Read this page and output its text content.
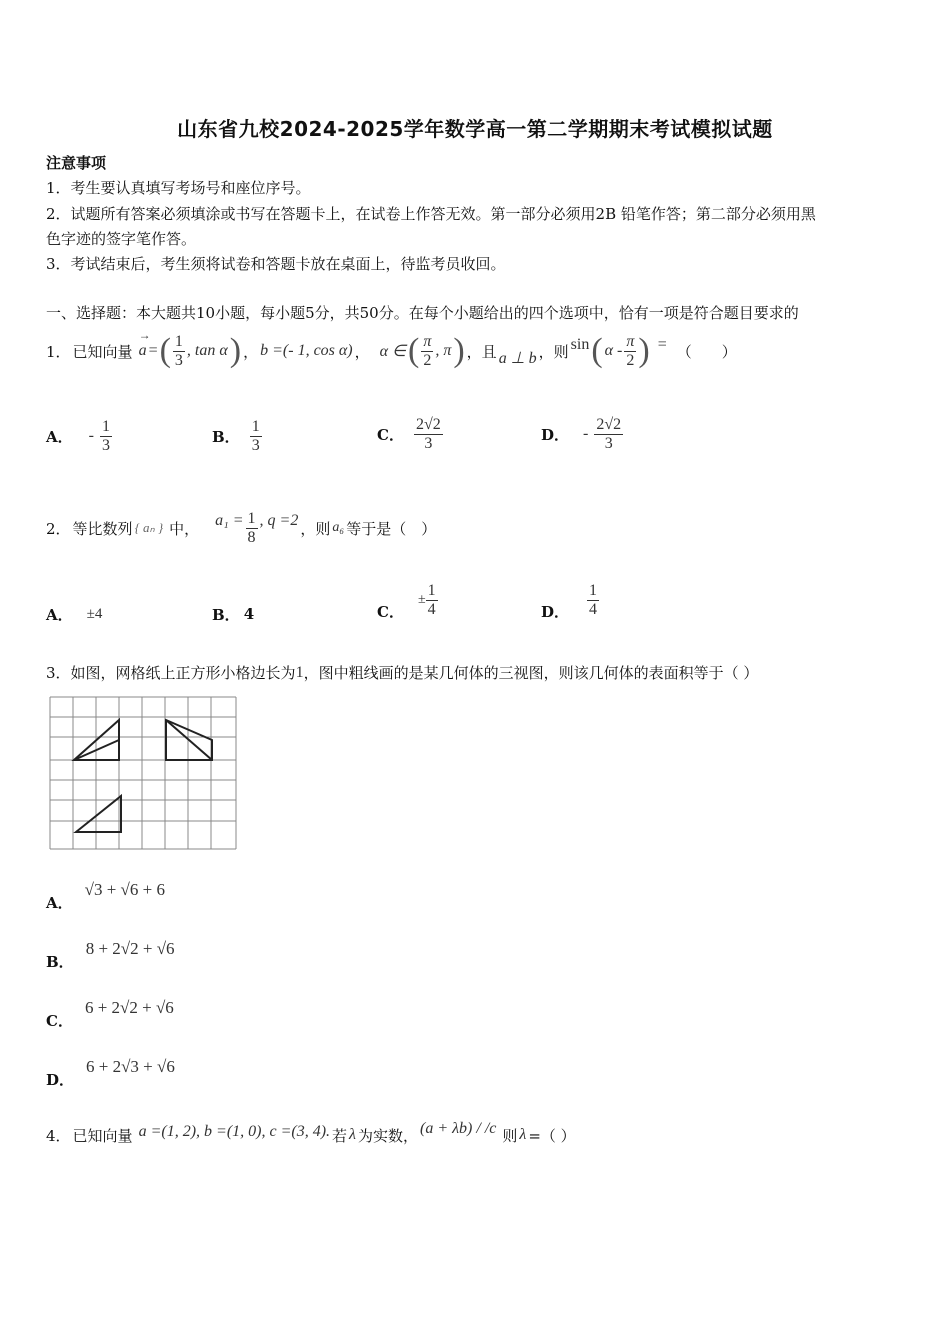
山东省九校2024-2025学年数学高一第二学期期末考试模拟试题
注意事项
1．考生要认真填写考场号和座位序号。
2．试题所有答案必须填涂或书写在答题卡上，在试卷上作答无效。第一部分必须用2B 铅笔作答；第二部分必须用黑
色字迹的签字笔作答。
3．考试结束后，考生须将试卷和答题卡放在桌面上，待监考员收回。
一、选择题：本大题共10小题，每小题5分，共50分。在每个小题给出的四个选项中，恰有一项是符合题目要求的
1． 已知向量
→
a = ( $\frac{1}{3}$ , tan α ) ， b =(- 1, cos α) ， α ∈ ( $\frac{\pi}{2}$ , π ) ，且 a ⊥ b ，则 sin ( α - $\frac{\pi}{2}$ ) = （　　）
A． - $\frac{1}{3}$	B． $\frac{1}{3}$	C． $\frac{2√2}{3}$	D． - $\frac{2√2}{3}$
2． 等比数列 { aₙ } 中， $a_1 = \frac{1}{8}$ , q =2 ，则 a₆ 等于是（　）
A． ±4	B． 4	C．
± $\frac{1}{4}$	D． $\frac{1}{4}$
3． 如图，网格纸上正方形小格边长为 1 ，图中粗线画的是某几何体的三视图，则该几何体的表面积等于（ ）
A．
√3 + √6 + 6
B．
8 + 2√2 + √6
C．
6 + 2√2 + √6
D．
6 + 2√3 + √6
4． 已知向量 a =(1, 2), b =(1, 0), c =(3, 4). 若 λ 为实数， (a + λb) / /c 则 λ =（ ）
